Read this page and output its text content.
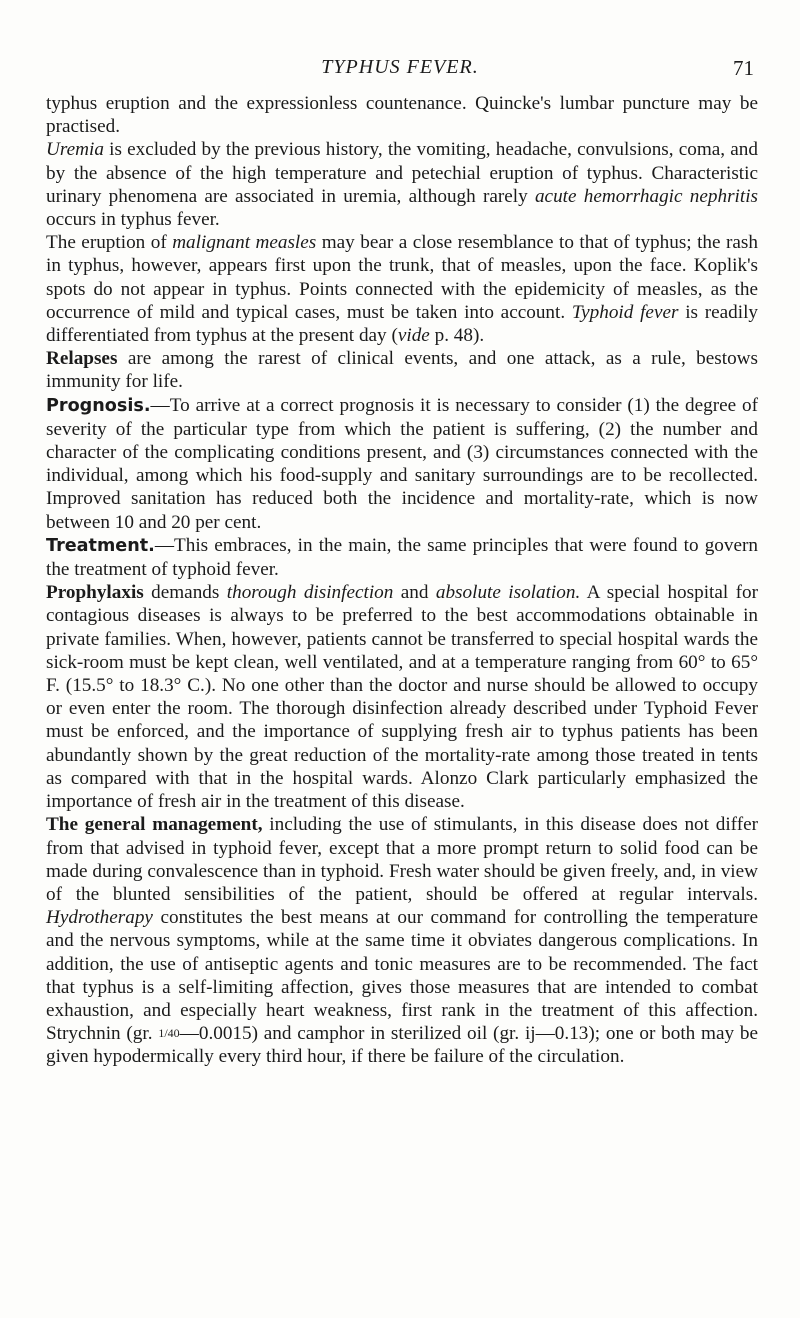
TYPHUS FEVER.	71

typhus eruption and the expressionless countenance. Quincke's lumbar puncture may be practised.

Uremia is excluded by the previous history, the vomiting, headache, convulsions, coma, and by the absence of the high temperature and petechial eruption of typhus. Characteristic urinary phenomena are associated in uremia, although rarely acute hemorrhagic nephritis occurs in typhus fever.

The eruption of malignant measles may bear a close resemblance to that of typhus; the rash in typhus, however, appears first upon the trunk, that of measles, upon the face. Koplik's spots do not appear in typhus. Points connected with the epidemicity of measles, as the occurrence of mild and typical cases, must be taken into account. Typhoid fever is readily differentiated from typhus at the present day (vide p. 48).

Relapses are among the rarest of clinical events, and one attack, as a rule, bestows immunity for life.

Prognosis.—To arrive at a correct prognosis it is necessary to consider (1) the degree of severity of the particular type from which the patient is suffering, (2) the number and character of the complicating conditions present, and (3) circumstances connected with the individual, among which his food-supply and sanitary surroundings are to be recollected. Improved sanitation has reduced both the incidence and mortality-rate, which is now between 10 and 20 per cent.

Treatment.—This embraces, in the main, the same principles that were found to govern the treatment of typhoid fever.

Prophylaxis demands thorough disinfection and absolute isolation. A special hospital for contagious diseases is always to be preferred to the best accommodations obtainable in private families. When, however, patients cannot be transferred to special hospital wards the sick-room must be kept clean, well ventilated, and at a temperature ranging from 60° to 65° F. (15.5° to 18.3° C.). No one other than the doctor and nurse should be allowed to occupy or even enter the room. The thorough disinfection already described under Typhoid Fever must be enforced, and the importance of supplying fresh air to typhus patients has been abundantly shown by the great reduction of the mortality-rate among those treated in tents as compared with that in the hospital wards. Alonzo Clark particularly emphasized the importance of fresh air in the treatment of this disease.

The general management, including the use of stimulants, in this disease does not differ from that advised in typhoid fever, except that a more prompt return to solid food can be made during convalescence than in typhoid. Fresh water should be given freely, and, in view of the blunted sensibilities of the patient, should be offered at regular intervals. Hydrotherapy constitutes the best means at our command for controlling the temperature and the nervous symptoms, while at the same time it obviates dangerous complications. In addition, the use of antiseptic agents and tonic measures are to be recommended. The fact that typhus is a self-limiting affection, gives those measures that are intended to combat exhaustion, and especially heart weakness, first rank in the treatment of this affection. Strychnin (gr. 1/40—0.0015) and camphor in sterilized oil (gr. ij—0.13); one or both may be given hypodermically every third hour, if there be failure of the circulation.
